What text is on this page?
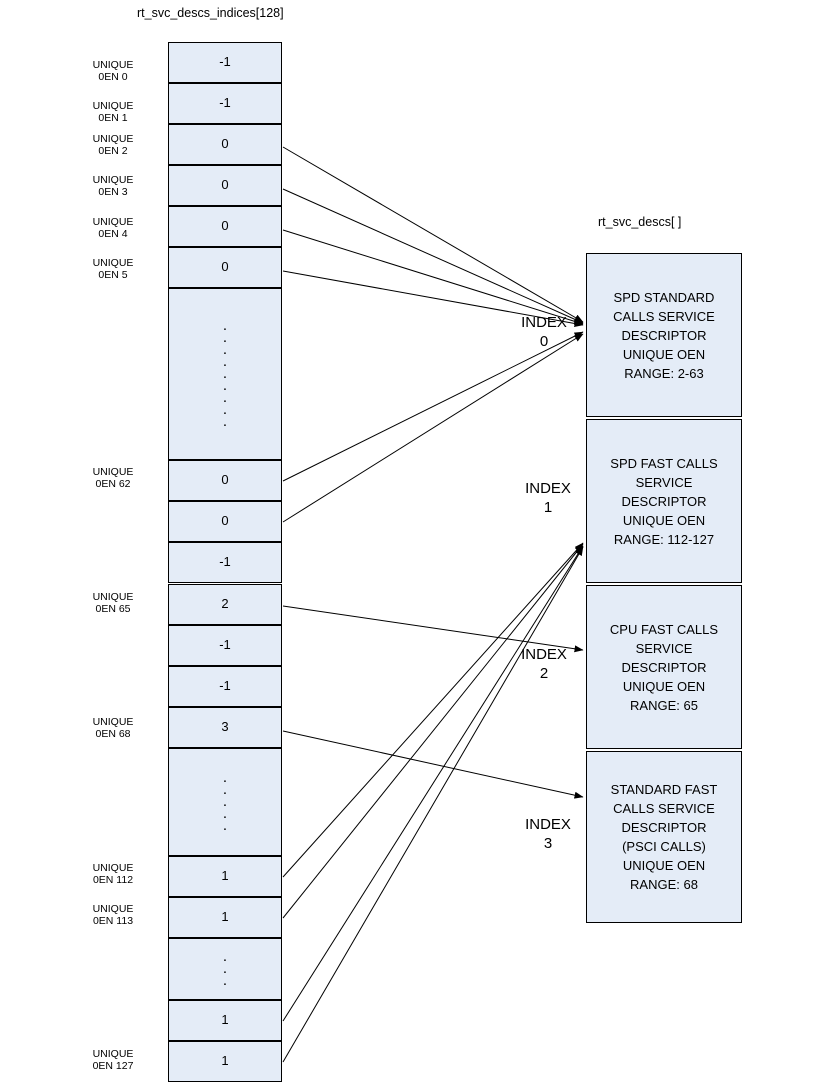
rt_svc_descs_indices[128]
rt_svc_descs[ ]
UNIQUE
0EN 0
UNIQUE
0EN 1
UNIQUE
0EN 2
UNIQUE
0EN 3
UNIQUE
0EN 4
UNIQUE
0EN 5
UNIQUE
0EN 62
UNIQUE
0EN 65
UNIQUE
0EN 68
UNIQUE
0EN 112
UNIQUE
0EN 113
UNIQUE
0EN 127
-1
-1
0
0
0
0
.
.
.
.
.
.
.
.
.
0
0
-1
2
-1
-1
3
.
.
.
.
.
1
1
.
.
.
1
1
SPD STANDARD
CALLS SERVICE
DESCRIPTOR
UNIQUE OEN
RANGE: 2-63
SPD FAST CALLS
SERVICE
DESCRIPTOR
UNIQUE OEN
RANGE: 112-127
CPU FAST CALLS
SERVICE
DESCRIPTOR
UNIQUE OEN
RANGE: 65
STANDARD FAST
CALLS SERVICE
DESCRIPTOR
(PSCI CALLS)
UNIQUE OEN
RANGE: 68
INDEX
0
INDEX
1
INDEX
2
INDEX
3
